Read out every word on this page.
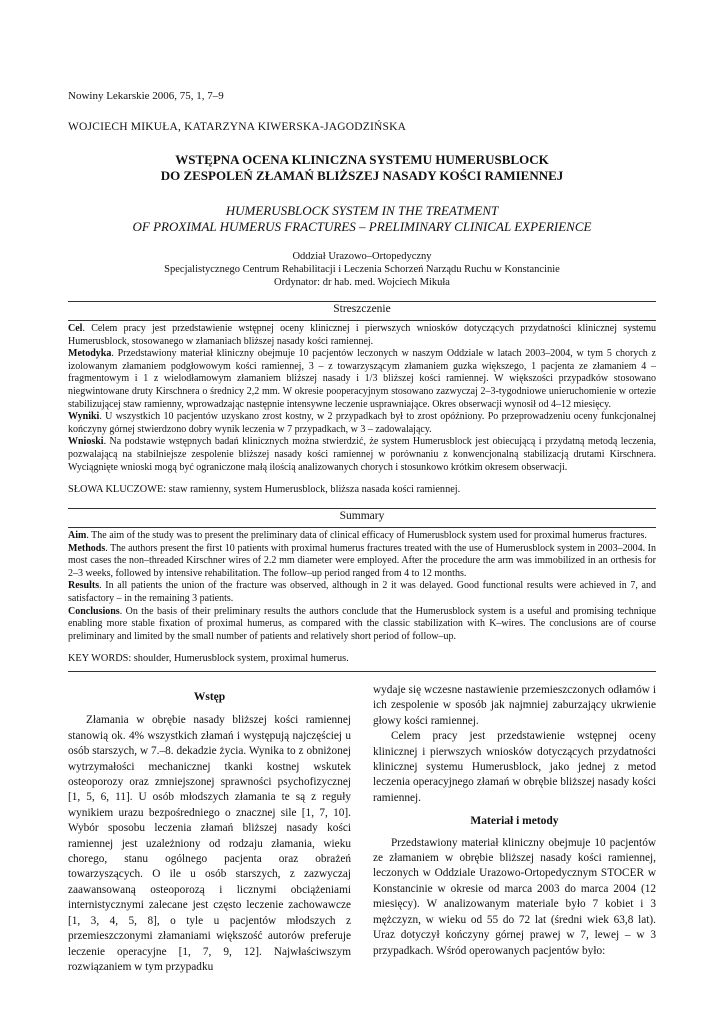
Nowiny Lekarskie 2006, 75, 1, 7–9
WOJCIECH MIKUŁA, KATARZYNA KIWERSKA-JAGODZIŃSKA
WSTĘPNA OCENA KLINICZNA SYSTEMU HUMERUSBLOCK
DO ZESPOLEŃ ZŁAMAŃ BLIŻSZEJ NASADY KOŚCI RAMIENNEJ
HUMERUSBLOCK SYSTEM IN THE TREATMENT
OF PROXIMAL HUMERUS FRACTURES – PRELIMINARY CLINICAL EXPERIENCE
Oddział Urazowo–Ortopedyczny
Specjalistycznego Centrum Rehabilitacji i Leczenia Schorzeń Narządu Ruchu w Konstancinie
Ordynator: dr hab. med. Wojciech Mikuła
Streszczenie

Cel. Celem pracy jest przedstawienie wstępnej oceny klinicznej i pierwszych wniosków dotyczących przydatności klinicznej systemu Humerusblock, stosowanego w złamaniach bliższej nasady kości ramiennej.

Metodyka. Przedstawiony materiał kliniczny obejmuje 10 pacjentów leczonych w naszym Oddziale w latach 2003–2004, w tym 5 chorych z izolowanym złamaniem podgłowowym kości ramiennej, 3 – z towarzyszącym złamaniem guzka większego, 1 pacjenta ze złamaniem 4 – fragmentowym i 1 z wielodłamowym złamaniem bliższej nasady i 1/3 bliższej kości ramiennej. W większości przypadków stosowano niegwintowane druty Kirschnera o średnicy 2,2 mm. W okresie pooperacyjnym stosowano zazwyczaj 2–3-tygodniowe unieruchomienie w ortezie stabilizującej staw ramienny, wprowadzając następnie intensywne leczenie usprawniające. Okres obserwacji wynosił od 4–12 miesięcy.

Wyniki. U wszystkich 10 pacjentów uzyskano zrost kostny, w 2 przypadkach był to zrost opóźniony. Po przeprowadzeniu oceny funkcjonalnej kończyny górnej stwierdzono dobry wynik leczenia w 7 przypadkach, w 3 – zadowalający.

Wnioski. Na podstawie wstępnych badań klinicznych można stwierdzić, że system Humerusblock jest obiecującą i przydatną metodą leczenia, pozwalającą na stabilniejsze zespolenie bliższej nasady kości ramiennej w porównaniu z konwencjonalną stabilizacją drutami Kirschnera. Wyciągnięte wnioski mogą być ograniczone małą ilością analizowanych chorych i stosunkowo krótkim okresem obserwacji.

SŁOWA KLUCZOWE: staw ramienny, system Humerusblock, bliższa nasada kości ramiennej.
Summary

Aim. The aim of the study was to present the preliminary data of clinical efficacy of Humerusblock system used for proximal humerus fractures.

Methods. The authors present the first 10 patients with proximal humerus fractures treated with the use of Humerusblock system in 2003–2004. In most cases the non–threaded Kirschner wires of 2.2 mm diameter were employed. After the procedure the arm was immobilized in an orthesis for 2–3 weeks, followed by intensive rehabilitation. The follow–up period ranged from 4 to 12 months.

Results. In all patients the union of the fracture was observed, although in 2 it was delayed. Good functional results were achieved in 7, and satisfactory – in the remaining 3 patients.

Conclusions. On the basis of their preliminary results the authors conclude that the Humerusblock system is a useful and promising technique enabling more stable fixation of proximal humerus, as compared with the classic stabilization with K–wires. The conclusions are of course preliminary and limited by the small number of patients and relatively short period of follow–up.

KEY WORDS: shoulder, Humerusblock system, proximal humerus.
Wstęp

Złamania w obrębie nasady bliższej kości ramiennej stanowią ok. 4% wszystkich złamań i występują najczęściej u osób starszych, w 7.–8. dekadzie życia. Wynika to z obniżonej wytrzymałości mechanicznej tkanki kostnej wskutek osteoporozy oraz zmniejszonej sprawności psychofizycznej [1, 5, 6, 11]. U osób młodszych złamania te są z reguły wynikiem urazu bezpośredniego o znacznej sile [1, 7, 10]. Wybór sposobu leczenia złamań bliższej nasady kości ramiennej jest uzależniony od rodzaju złamania, wieku chorego, stanu ogólnego pacjenta oraz obrażeń towarzyszących. O ile u osób starszych, z zazwyczaj zaawansowaną osteoporozą i licznymi obciążeniami internistycznymi zalecane jest często leczenie zachowawcze [1, 3, 4, 5, 8], o tyle u pacjentów młodszych z przemieszczonymi złamaniami większość autorów preferuje leczenie operacyjne [1, 7, 9, 12]. Najwłaściwszym rozwiązaniem w tym przypadku

wydaje się wczesne nastawienie przemieszczonych odłamów i ich zespolenie w sposób jak najmniej zaburzający ukrwienie głowy kości ramiennej.

Celem pracy jest przedstawienie wstępnej oceny klinicznej i pierwszych wniosków dotyczących przydatności klinicznej systemu Humerusblock, jako jednej z metod leczenia operacyjnego złamań w obrębie bliższej nasady kości ramiennej.

Materiał i metody

Przedstawiony materiał kliniczny obejmuje 10 pacjentów ze złamaniem w obrębie bliższej nasady kości ramiennej, leczonych w Oddziale Urazowo-Ortopedycznym STOCER w Konstancinie w okresie od marca 2003 do marca 2004 (12 miesięcy). W analizowanym materiale było 7 kobiet i 3 mężczyzn, w wieku od 55 do 72 lat (średni wiek 63,8 lat). Uraz dotyczył kończyny górnej prawej w 7, lewej – w 3 przypadkach. Wśród operowanych pacjentów było:
